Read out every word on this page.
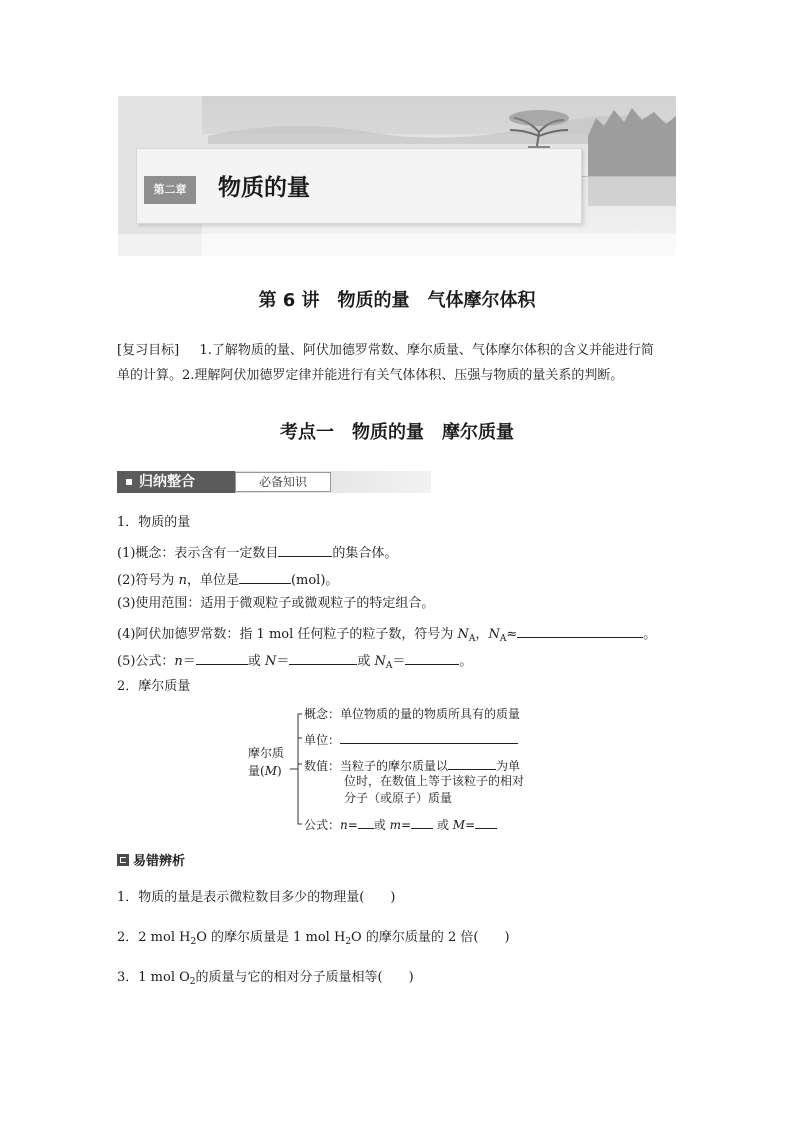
第二章	物质的量
第 6 讲　物质的量　气体摩尔体积
[复习目标] 1.了解物质的量、阿伏加德罗常数、摩尔质量、气体摩尔体积的含义并能进行简
单的计算。2.理解阿伏加德罗定律并能进行有关气体体积、压强与物质的量关系的判断。
考点一　物质的量　摩尔质量
归纳整合	必备知识
1．物质的量
(1)概念：表示含有一定数目	的集合体。
(2)符号为 n，单位是	(mol)。
(3)使用范围：适用于微观粒子或微观粒子的特定组合。
(4)阿伏加德罗常数：指 1 mol 任何粒子的粒子数，符号为 $N_A$，$N_A\approx$	。
(5)公式：n＝	或 N＝	或 $N_A=$	。
2．摩尔质量
摩尔质
量(M)
概念：单位物质的量的物质所具有的质量
单位：
数值：当粒子的摩尔质量以	为单
位时，在数值上等于该粒子的相对
分子（或原子）质量
公式：n= 或 m= 或 M=
易错辨析
1．物质的量是表示微粒数目多少的物理量(　　)
2．2 mol $H_2O$ 的摩尔质量是 1 mol $H_2O$ 的摩尔质量的 2 倍(　　)
3．1 mol $O_2$的质量与它的相对分子质量相等(　　)
